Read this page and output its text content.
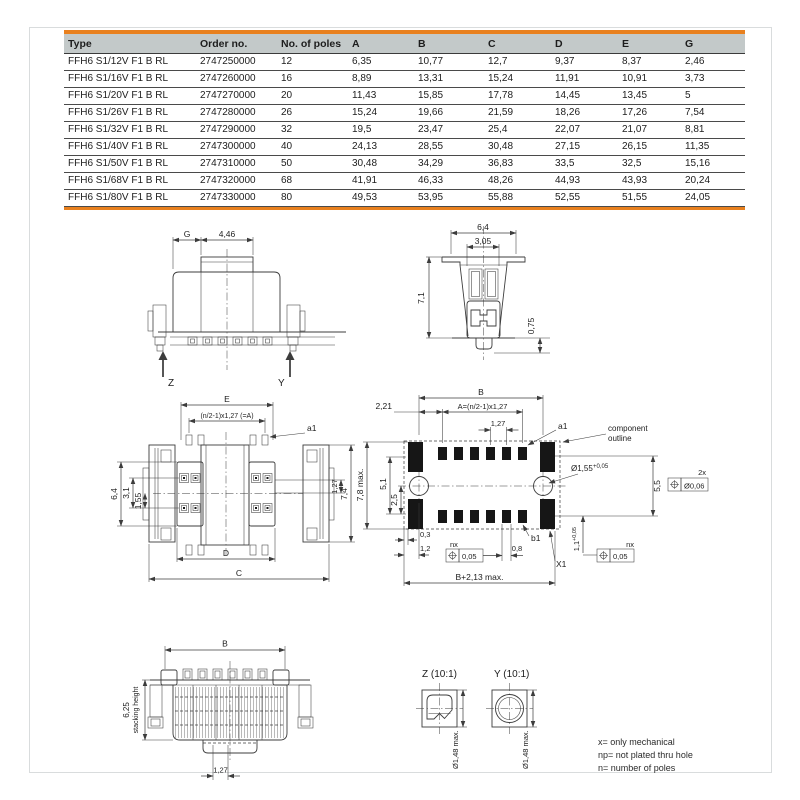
Type	Order no.	No. of poles	A	B	C	D	E	G
FFH6 S1/12V F1 B RL	2747250000	12	6,35	10,77	12,7	9,37	8,37	2,46
FFH6 S1/16V F1 B RL	2747260000	16	8,89	13,31	15,24	11,91	10,91	3,73
FFH6 S1/20V F1 B RL	2747270000	20	11,43	15,85	17,78	14,45	13,45	5
FFH6 S1/26V F1 B RL	2747280000	26	15,24	19,66	21,59	18,26	17,26	7,54
FFH6 S1/32V F1 B RL	2747290000	32	19,5	23,47	25,4	22,07	21,07	8,81
FFH6 S1/40V F1 B RL	2747300000	40	24,13	28,55	30,48	27,15	26,15	11,35
FFH6 S1/50V F1 B RL	2747310000	50	30,48	34,29	36,83	33,5	32,5	15,16
FFH6 S1/68V F1 B RL	2747320000	68	41,91	46,33	48,26	44,93	43,93	20,24
FFH6 S1/80V F1 B RL	2747330000	80	49,53	53,95	55,88	52,55	51,55	24,05
G	4,46
Z	Y
6,4
3,05
7,1
0,75
E
(n/2-1)x1,27 (=A)
a1
6,4 3,1 1,55
1,27
7,4
D
C
B
2,21	A=(n/2-1)x1,27
1,27	a1	component
outline
7,8 max. 5,1
2,5
Ø1,55 +0,05
2x
Ø0,06
5,5
0,3
1,2	nx
0,05
0,8
b1
X1
1,1
+0,05
nx
0,05
B+2,13 max.
B
6,25 stacking height
1,27
Z (10:1)	Y (10:1)
Ø1,48 max.	Ø1,48 max.	x= only mechanical
np= not plated thru hole
n= number of poles
